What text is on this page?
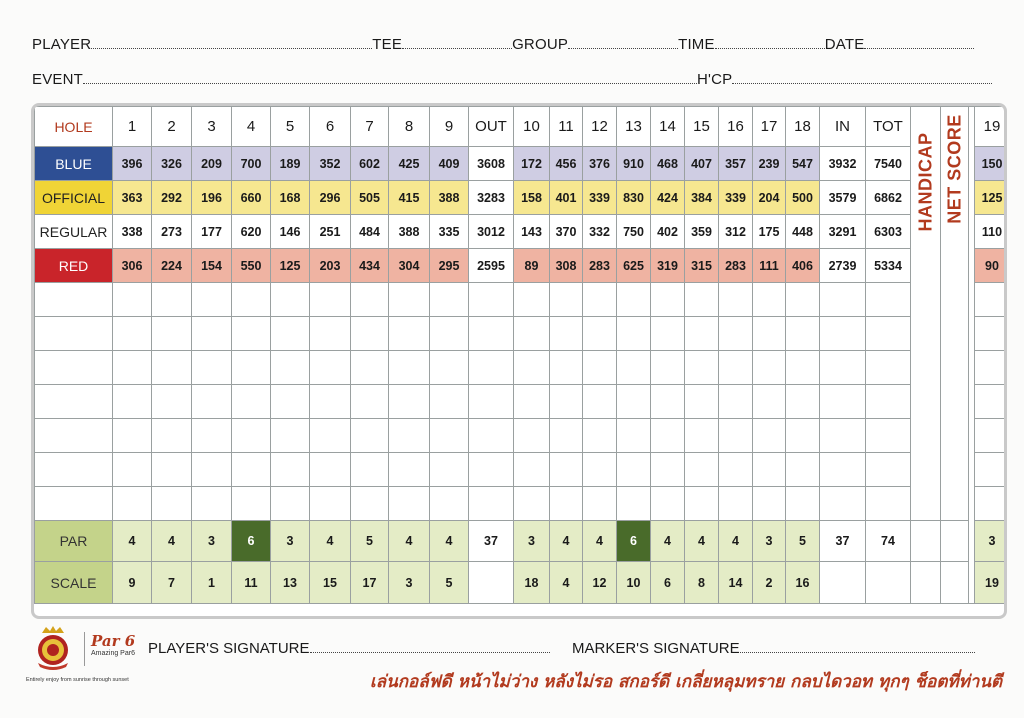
PLAYER	TEE	GROUP	TIME	DATE
EVENT	H'CP
HOLE	1	2	3	4	5	6	7	8	9	OUT	10	11	12	13	14	15	16	17	18	IN	TOT	HANDICAP	NET SCORE		19
BLUE	396	326	209	700	189	352	602	425	409	3608	172	456	376	910	468	407	357	239	547	3932	7540				150
OFFICIAL	363	292	196	660	168	296	505	415	388	3283	158	401	339	830	424	384	339	204	500	3579	6862				125
REGULAR	338	273	177	620	146	251	484	388	335	3012	143	370	332	750	402	359	312	175	448	3291	6303				110
RED	306	224	154	550	125	203	434	304	295	2595	89	308	283	625	319	315	283	111	406	2739	5334				90

PAR	4	4	3	6	3	4	5	4	4	37	3	4	4	6	4	4	4	3	5	37	74				3
SCALE	9	7	1	11	13	15	17	3	5		18	4	12	10	6	8	14	2	16						19
Par 6
Amazing Par6
Entirely enjoy from sunrise through sunset
PLAYER'S SIGNATURE	MARKER'S SIGNATURE
เล่นกอล์ฟดี หน้าไม่ว่าง หลังไม่รอ สกอร์ดี เกลี่ยหลุมทราย กลบไดวอท ทุกๆ ช็อตที่ท่านตี
